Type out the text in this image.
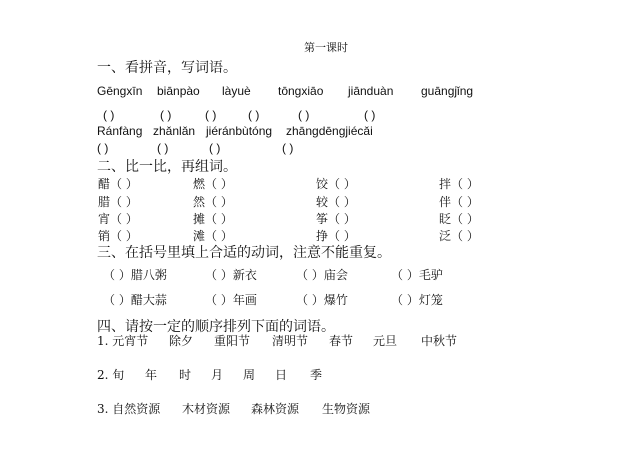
第一课时
一、看拼音，写词语。
Gēngxīn biānpào làyuè tōngxiāo jiānduàn guāngjǐng
( )	( )	( )	( )	( )	( )
Ránfàng zhǎnlǎn jiéránbùtóng zhāngdēngjiécǎi
( )	( )	( )	( )
二、比一比，再组词。
醋（ ）	燃（ ）	饺（ ）	拌（ ）
腊（ ）	然（ ）	较（ ）	伴（ ）
宵（ ）	摊（ ）	筝（ ）	眨（ ）
销（ ）	滩（ ）	挣（ ）	泛（ ）
三、在括号里填上合适的动词，注意不能重复。
（ ）腊八粥	（ ）新衣	（ ）庙会	（ ）毛驴
（ ）醋大蒜	（ ）年画	（ ）爆竹	（ ）灯笼
四、请按一定的顺序排列下面的词语。
1. 元宵节 除夕 重阳节 清明节 春节 元旦 中秋节
2. 旬 年 时 月 周 日 季
3. 自然资源 木材资源 森林资源 生物资源
